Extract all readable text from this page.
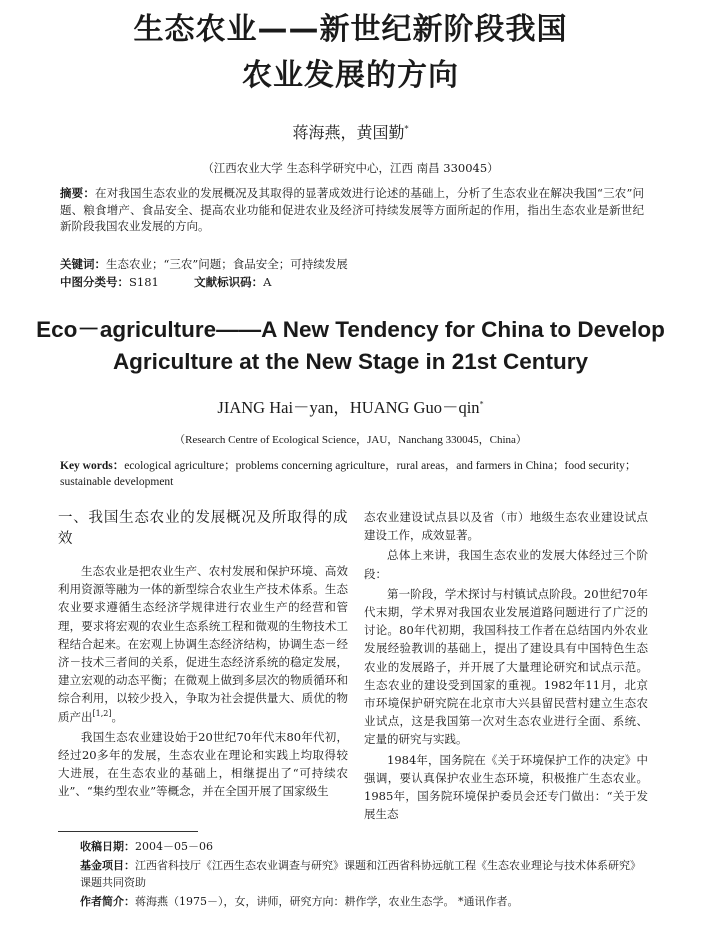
生态农业——新世纪新阶段我国
农业发展的方向
蒋海燕，黄国勤*
（江西农业大学 生态科学研究中心，江西 南昌 330045）
摘要：在对我国生态农业的发展概况及其取得的显著成效进行论述的基础上，分析了生态农业在解决我国“三农”问题、粮食增产、食品安全、提高农业功能和促进农业及经济可持续发展等方面所起的作用，指出生态农业是新世纪新阶段我国农业发展的方向。
关键词：生态农业；“三农”问题；食品安全；可持续发展
中图分类号：S181	文献标识码：A
Eco－agriculture——A New Tendency for China to Develop
Agriculture at the New Stage in 21st Century
JIANG Hai－yan，HUANG Guo－qin*
（Research Centre of Ecological Science，JAU，Nanchang 330045，China）
Key words：ecological agriculture；problems concerning agriculture，rural areas，and farmers in China；food security；sustainable development
一、我国生态农业的发展概况及所取得的成效

生态农业是把农业生产、农村发展和保护环境、高效利用资源等融为一体的新型综合农业生产技术体系。生态农业要求遵循生态经济学规律进行农业生产的经营和管理，要求将宏观的农业生态系统工程和微观的生物技术工程结合起来。在宏观上协调生态经济结构，协调生态－经济－技术三者间的关系，促进生态经济系统的稳定发展，建立宏观的动态平衡；在微观上做到多层次的物质循环和综合利用，以较少投入，争取为社会提供量大、质优的物质产出[1,2]。

我国生态农业建设始于20世纪70年代末80年代初，经过20多年的发展，生态农业在理论和实践上均取得较大进展，在生态农业的基础上，相继提出了“可持续农业”、“集约型农业”等概念，并在全国开展了国家级生

态农业建设试点县以及省（市）地级生态农业建设试点建设工作，成效显著。

总体上来讲，我国生态农业的发展大体经过三个阶段：

第一阶段，学术探讨与村镇试点阶段。20世纪70年代末期，学术界对我国农业发展道路问题进行了广泛的讨论。80年代初期，我国科技工作者在总结国内外农业发展经验教训的基础上，提出了建设具有中国特色生态农业的发展路子，并开展了大量理论研究和试点示范。生态农业的建设受到国家的重视。1982年11月，北京市环境保护研究院在北京市大兴县留民营村建立生态农业试点，这是我国第一次对生态农业进行全面、系统、定量的研究与实践。

1984年，国务院在《关于环境保护工作的决定》中强调，要认真保护农业生态环境，积极推广生态农业。1985年，国务院环境保护委员会还专门做出：“关于发展生态

收稿日期：2004－05－06
基金项目：江西省科技厅《江西生态农业调查与研究》课题和江西省科协远航工程《生态农业理论与技术体系研究》课题共同资助
作者简介：蒋海燕（1975－），女，讲师，研究方向：耕作学，农业生态学。 *通讯作者。
